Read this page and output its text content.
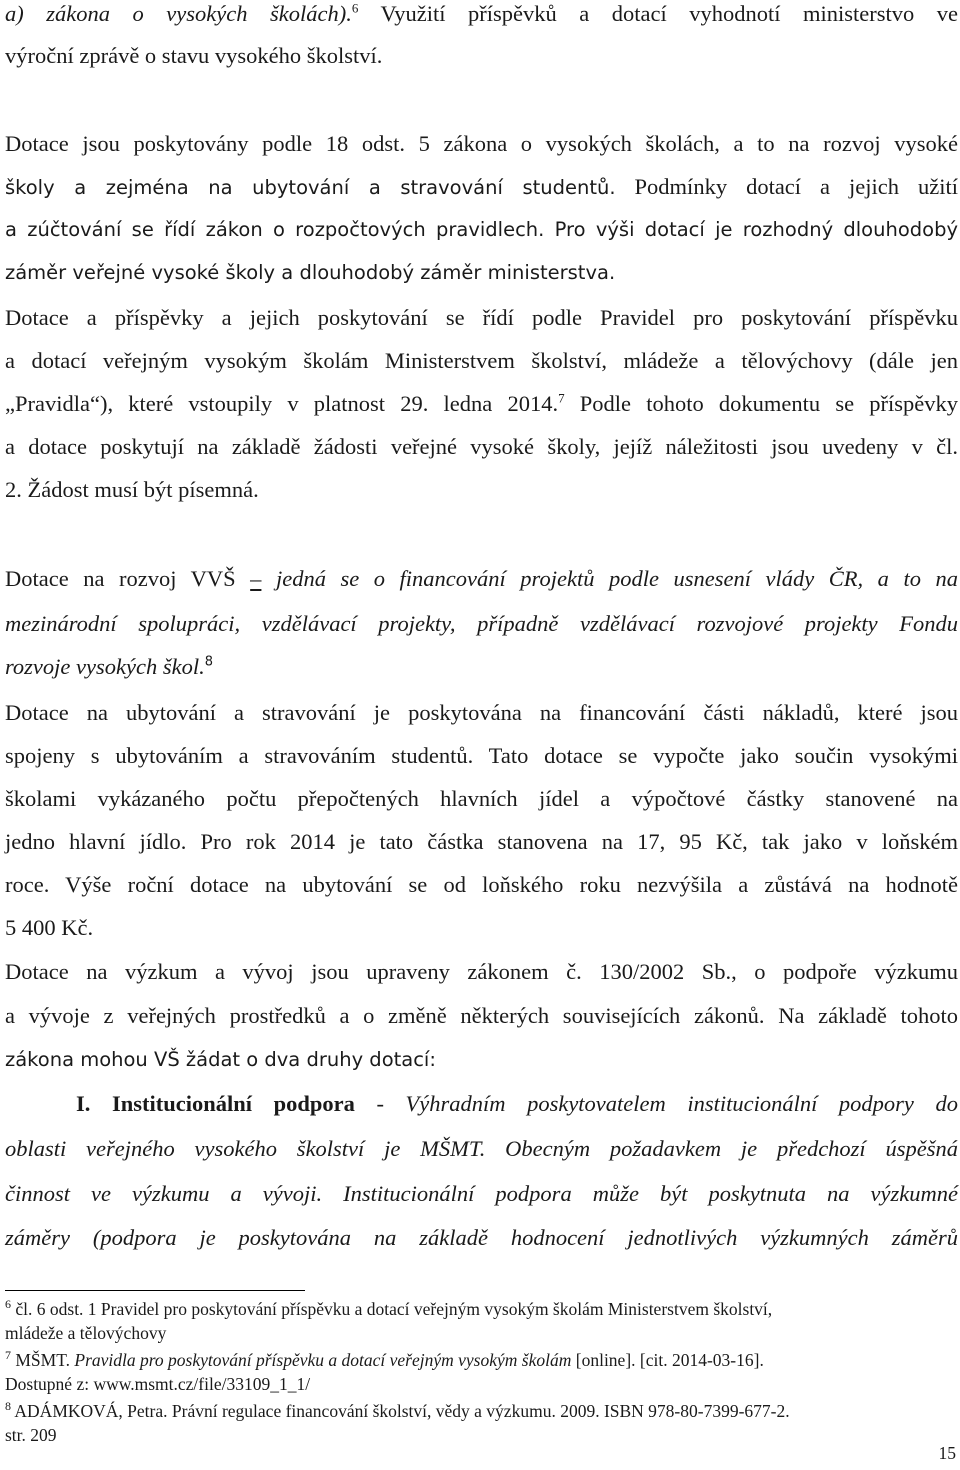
a) zákona o vysokých školách).$^6$ Využití příspěvků a dotací vyhodnotí ministerstvo ve

výroční zprávě o stavu vysokého školství.

Dotace jsou poskytovány podle 18 odst. 5 zákona o vysokých školách, a to na rozvoj vysoké

školy a zejména na ubytování a stravování studentů. Podmínky dotací a jejich užití

a zúčtování se řídí zákon o rozpočtových pravidlech. Pro výši dotací je rozhodný dlouhodobý

záměr veřejné vysoké školy a dlouhodobý záměr ministerstva.

Dotace a příspěvky a jejich poskytování se řídí podle Pravidel pro poskytování příspěvku

a dotací veřejným vysokým školám Ministerstvem školství, mládeže a tělovýchovy (dále jen

„Pravidla“), které vstoupily v platnost 29. ledna 2014.$^7$ Podle tohoto dokumentu se příspěvky

a dotace poskytují na základě žádosti veřejné vysoké školy, jejíž náležitosti jsou uvedeny v čl.

2. Žádost musí být písemná.

Dotace na rozvoj VVŠ – jedná se o financování projektů podle usnesení vlády ČR, a to na

mezinárodní spolupráci, vzdělávací projekty, případně vzdělávací rozvojové projekty Fondu

rozvoje vysokých škol.$^8$

Dotace na ubytování a stravování je poskytována na financování části nákladů, které jsou

spojeny s ubytováním a stravováním studentů. Tato dotace se vypočte jako součin vysokými

školami vykázaného počtu přepočtených hlavních jídel a výpočtové částky stanovené na

jedno hlavní jídlo. Pro rok 2014 je tato částka stanovena na 17, 95 Kč, tak jako v loňském

roce. Výše roční dotace na ubytování se od loňského roku nezvýšila a zůstává na hodnotě

5 400 Kč.

Dotace na výzkum a vývoj jsou upraveny zákonem č. 130/2002 Sb., o podpoře výzkumu

a vývoje z veřejných prostředků a o změně některých souvisejících zákonů. Na základě tohoto

zákona mohou VŠ žádat o dva druhy dotací:

I. Institucionální podpora - Výhradním poskytovatelem institucionální podpory do

oblasti veřejného vysokého školství je MŠMT. Obecným požadavkem je předchozí úspěšná

činnost ve výzkumu a vývoji. Institucionální podpora může být poskytnuta na výzkumné

záměry (podpora je poskytována na základě hodnocení jednotlivých výzkumných záměrů

$^6$ čl. 6 odst. 1 Pravidel pro poskytování příspěvku a dotací veřejným vysokým školám Ministerstvem školství,

mládeže a tělovýchovy

$^7$ MŠMT. Pravidla pro poskytování příspěvku a dotací veřejným vysokým školám [online]. [cit. 2014-03-16].

Dostupné z: www.msmt.cz/file/33109_1_1/

$^8$ ADÁMKOVÁ, Petra. Právní regulace financování školství, vědy a výzkumu. 2009. ISBN 978-80-7399-677-2.

str. 209

15
